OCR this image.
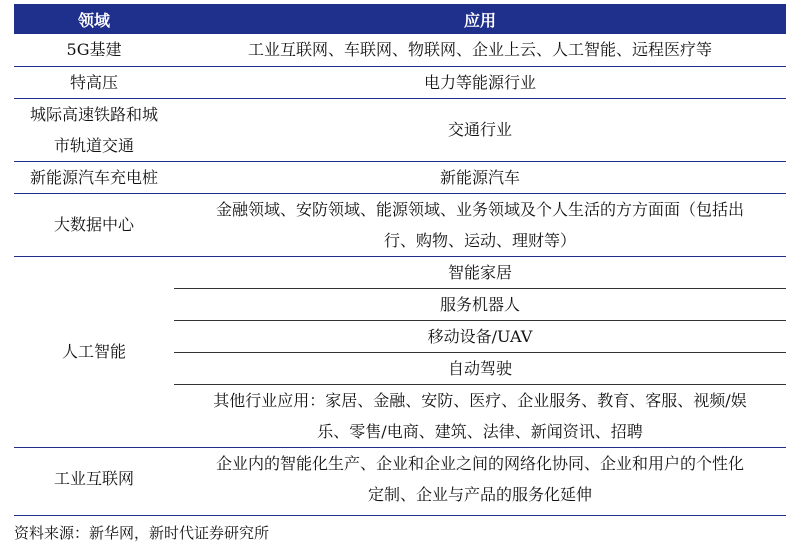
领域	应用
5G基建	工业互联网、车联网、物联网、企业上云、人工智能、远程医疗等
特高压	电力等能源行业

城际高速铁路和城
市轨道交通	交通行业
新能源汽车充电桩	新能源汽车
大数据中心	金融领域、安防领域、能源领域、业务领域及个人生活的方方面面（包括出
行、购物、运动、理财等）

人工智能	智能家居
	服务机器人
	移动设备/UAV
	自动驾驶

	其他行业应用：家居、金融、安防、医疗、企业服务、教育、客服、视频/娱
乐、零售/电商、建筑、法律、新闻资讯、招聘

工业互联网	企业内的智能化生产、企业和企业之间的网络化协同、企业和用户的个性化
定制、企业与产品的服务化延伸
资料来源：新华网，新时代证券研究所
